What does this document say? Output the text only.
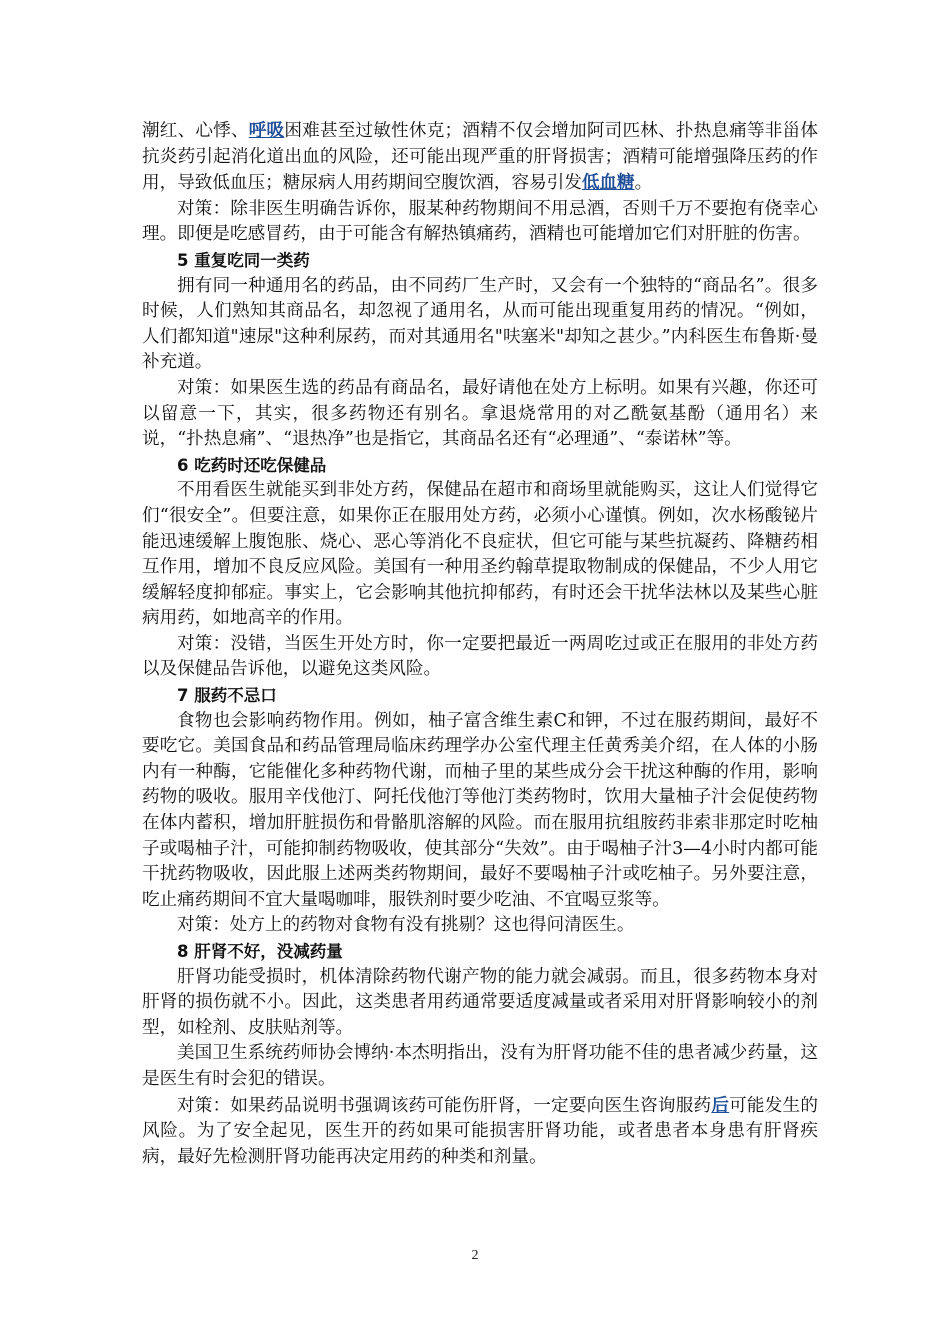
潮红、心悸、呼吸困难甚至过敏性休克；酒精不仅会增加阿司匹林、扑热息痛等非甾体抗炎药引起消化道出血的风险，还可能出现严重的肝肾损害；酒精可能增强降压药的作用，导致低血压；糖尿病人用药期间空腹饮酒，容易引发低血糖。

对策：除非医生明确告诉你，服某种药物期间不用忌酒，否则千万不要抱有侥幸心理。即便是吃感冒药，由于可能含有解热镇痛药，酒精也可能增加它们对肝脏的伤害。

5 重复吃同一类药

拥有同一种通用名的药品，由不同药厂生产时，又会有一个独特的“商品名”。很多时候，人们熟知其商品名，却忽视了通用名，从而可能出现重复用药的情况。“例如，人们都知道"速尿"这种利尿药，而对其通用名"呋塞米"却知之甚少。”内科医生布鲁斯·曼补充道。

对策：如果医生选的药品有商品名，最好请他在处方上标明。如果有兴趣，你还可以留意一下，其实，很多药物还有别名。拿退烧常用的对乙酰氨基酚（通用名）来说，“扑热息痛”、“退热净”也是指它，其商品名还有“必理通”、“泰诺林”等。

6 吃药时还吃保健品

不用看医生就能买到非处方药，保健品在超市和商场里就能购买，这让人们觉得它们“很安全”。但要注意，如果你正在服用处方药，必须小心谨慎。例如，次水杨酸铋片能迅速缓解上腹饱胀、烧心、恶心等消化不良症状，但它可能与某些抗凝药、降糖药相互作用，增加不良反应风险。美国有一种用圣约翰草提取物制成的保健品，不少人用它缓解轻度抑郁症。事实上，它会影响其他抗抑郁药，有时还会干扰华法林以及某些心脏病用药，如地高辛的作用。

对策：没错，当医生开处方时，你一定要把最近一两周吃过或正在服用的非处方药以及保健品告诉他，以避免这类风险。

7 服药不忌口

食物也会影响药物作用。例如，柚子富含维生素C和钾，不过在服药期间，最好不要吃它。美国食品和药品管理局临床药理学办公室代理主任黄秀美介绍，在人体的小肠内有一种酶，它能催化多种药物代谢，而柚子里的某些成分会干扰这种酶的作用，影响药物的吸收。服用辛伐他汀、阿托伐他汀等他汀类药物时，饮用大量柚子汁会促使药物在体内蓄积，增加肝脏损伤和骨骼肌溶解的风险。而在服用抗组胺药非索非那定时吃柚子或喝柚子汁，可能抑制药物吸收，使其部分“失效”。由于喝柚子汁3—4小时内都可能干扰药物吸收，因此服上述两类药物期间，最好不要喝柚子汁或吃柚子。另外要注意，吃止痛药期间不宜大量喝咖啡，服铁剂时要少吃油、不宜喝豆浆等。

对策：处方上的药物对食物有没有挑剔？这也得问清医生。

8 肝肾不好，没减药量

肝肾功能受损时，机体清除药物代谢产物的能力就会减弱。而且，很多药物本身对肝肾的损伤就不小。因此，这类患者用药通常要适度减量或者采用对肝肾影响较小的剂型，如栓剂、皮肤贴剂等。

美国卫生系统药师协会博纳·本杰明指出，没有为肝肾功能不佳的患者减少药量，这是医生有时会犯的错误。

对策：如果药品说明书强调该药可能伤肝肾，一定要向医生咨询服药后可能发生的风险。为了安全起见，医生开的药如果可能损害肝肾功能，或者患者本身患有肝肾疾病，最好先检测肝肾功能再决定用药的种类和剂量。

2
